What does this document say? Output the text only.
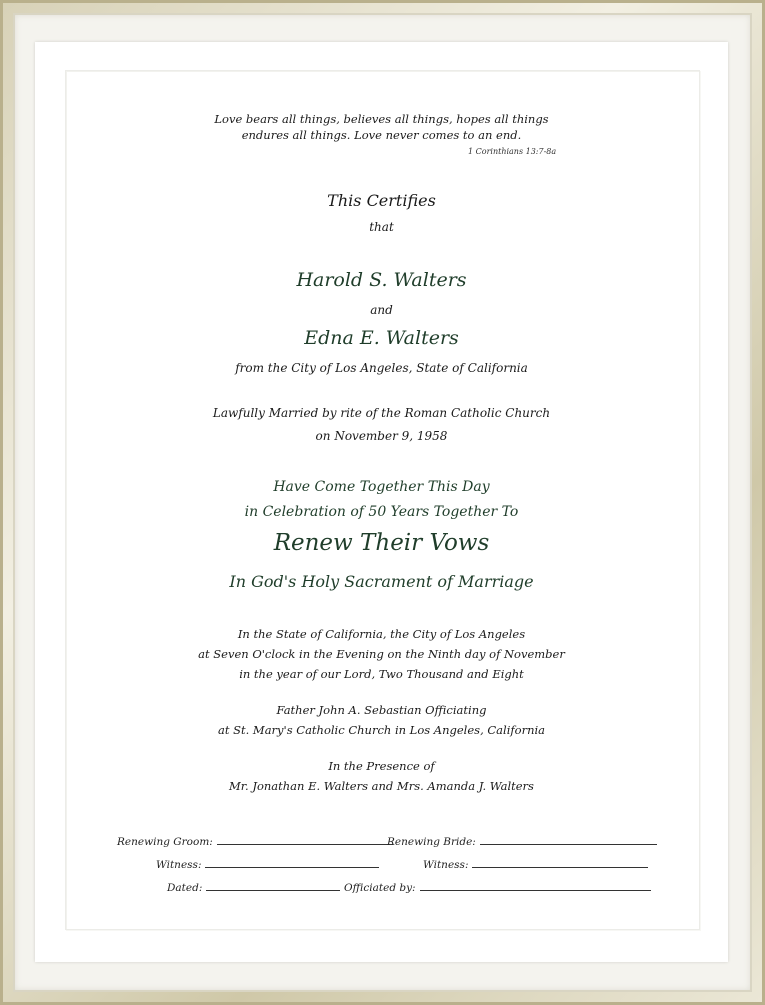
Love bears all things, believes all things, hopes all things
endures all things. Love never comes to an end.
1 Corinthians 13:7-8a
This Certifies
that
Harold S. Walters
and
Edna E. Walters
from the City of Los Angeles, State of California
Lawfully Married by rite of the Roman Catholic Church
on November 9, 1958
Have Come Together This Day
in Celebration of 50 Years Together To
Renew Their Vows
In God's Holy Sacrament of Marriage
In the State of California, the City of Los Angeles
at Seven O'clock in the Evening on the Ninth day of November
in the year of our Lord, Two Thousand and Eight
Father John A. Sebastian Officiating
at St. Mary's Catholic Church in Los Angeles, California
In the Presence of
Mr. Jonathan E. Walters and Mrs. Amanda J. Walters
Renewing Groom:	Renewing Bride:
Witness:	Witness:
Dated:	Officiated by:
